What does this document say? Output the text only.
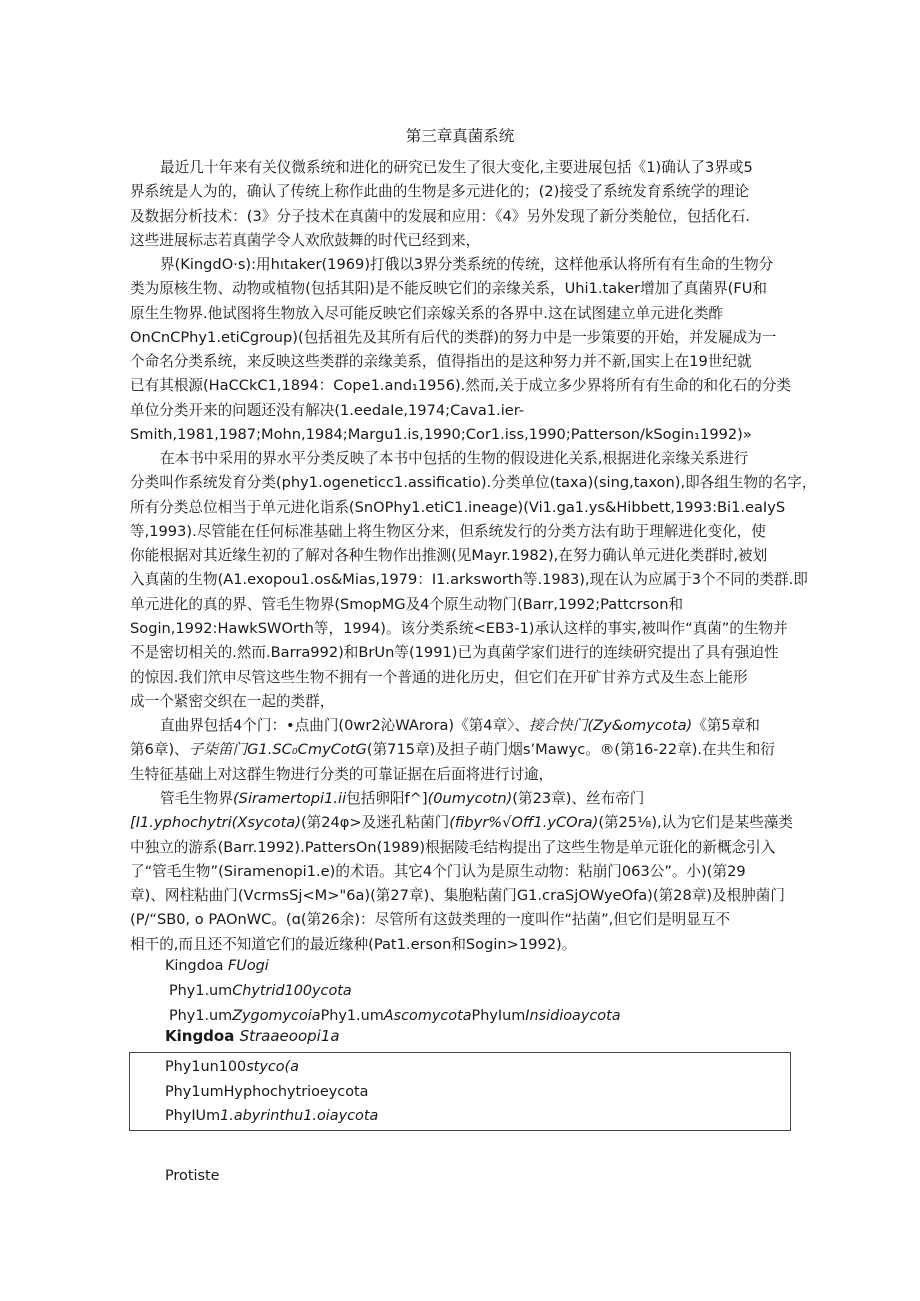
第三章真菌系统
最近几十年来有关仪微系统和进化的研究已发生了很大变化,主要进展包括《1)确认了3界或5
界系统是人为的，确认了传统上称作此曲的生物是多元进化的；(2)接受了系统发育系统学的理论
及数据分析技术：(3》分子技术在真菌中的发展和应用：《4》另外发现了新分类舱位，包括化石.
这些进展标志若真菌学令人欢欣鼓舞的时代已经到来，
界(KingdO·s):用hıtaker(1969)打俄以3界分类系统的传统，这样他承认将所有有生命的生物分
类为原核生物、动物或植物(包括其阳)是不能反映它们的亲缘关系，Uhi1.taker增加了真菌界(FU和
原生生物界.他试图将生物放入尽可能反映它们亲嫁关系的各界中.这在试图建立单元进化类酢
OnCnCPhy1.etiCgroup)(包括祖先及其所有后代的类群)的努力中是一步策要的开始，并发屣成为一
个命名分类系统，来反映这些类群的亲缘美系，值得指出的是这种努力并不新,国实上在19世纪就
已有其根源(HaCCkC1,1894：Cope1.and₁1956).然而,关于成立多少界将所有有生命的和化石的分类
单位分类开来的问题还没有解决(1.eedaIe,1974;Cava1.ier-
Smith,1981,1987;Mohn,1984;Margu1.is,1990;Cor1.iss,1990;Patterson/kSogin₁1992)»
在本书中采用的界水平分类反映了本书中包括的生物的假设进化关系,根据进化亲缘关系进行
分类叫作系统发育分类(phy1.ogeneticc1.assificatio).分类单位(taxa)(sing,taxon),即各组生物的名字，
所有分类总位相当于单元进化诣系(SnOPhy1.etiC1.ineage)(Vi1.ga1.ys&Hibbett,1993:Bi1.eaIyS
等,1993).尽管能在任何标准基础上将生物区分来，但系统发行的分类方法有助于理解进化变化，使
你能根据对其近缘生初的了解对各种生物作出推测(见Mayr.1982),在努力确认单元进化类群时,被划
入真菌的生物(A1.exopou1.os&Mias,1979：I1.arksworth等.1983),现在认为应属于3个不同的类群.即
单元进化的真的界、管毛生物界(SmopMG及4个原生动物门(Barr,1992;Pattcrson和
Sogin,1992:HawkSWOrth等，1994)。该分类系统<EB3-1)承认这样的事实,被叫作“真菌”的生物并
不是密切相关的.然而.Barra992)和BrUn等(1991)已为真菌学家们进行的连续研究提出了具有强迫性
的惊因.我们笊申尽管这些生物不拥有一个普通的进化历史，但它们在开矿甘养方式及生态上能形
成一个紧密交织在一起的类群，
直曲界包括4个门：•点曲门(0wr2沁WArora)《第4章〉、接合快门(Zy&omycota)《第5章和
第6章)、子柒笛门G1.SC₀CmyCotG(第715章)及担子萌门烟s’Mawyc。®(第16-22章).在共生和衍
生特征基础上对这群生物进行分类的可靠证据在后面将进行讨逾，
管毛生物界(Siramertopi1.ii包括卵阳f^](0umycotn)(第23章)、丝布帝门
[I1.yphochytri(Xsycota)(第24φ>及迷孔粘菌门(fibyr%√Off1.yCOra)(第25⅛),认为它们是某些藻类
中独立的游系(Barr.1992).PattersOn(1989)根据陵毛结构提出了这些生物是单元诳化的新概念引入
了“管毛生物”(Siramenopi1.e)的术语。其它4个门认为是原生动物：粘崩门063公”。小)(第29
章)、网柱粘曲门(VcrmsSj<M>"6a)(第27章)、集胞粘菌门G1.craSjOWyeOfa)(第28章)及根肿菌门
(P/“SB0, o PAOnWC。(ɑ(第26余)：尽管所有这鼓类理的一度叫作“拈菌”,但它们是明显互不
相干的,而且还不知道它们的最近缘种(Pat1.erson和Sogin>1992)。
Kingdoa FUogi
Phy1.umChytrid100ycota
Phy1.umZygomycoiaPhy1.umAscomycotaPhyIumInsidioaycota
Kingdoa Straaeoopi1a
Phy1un100styco(a
Phy1umHyphochytrioeycota
PhyIUm1.abyrinthu1.oiaycota
Protiste
